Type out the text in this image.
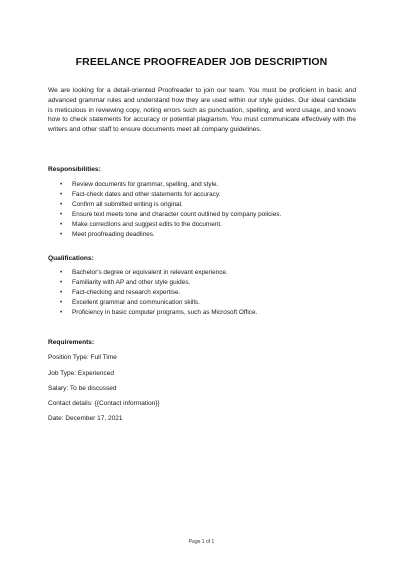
FREELANCE PROOFREADER JOB DESCRIPTION
We are looking for a detail-oriented Proofreader to join our team. You must be proficient in basic and advanced grammar rules and understand how they are used within our style guides. Our ideal candidate is meticulous in reviewing copy, noting errors such as punctuation, spelling, and word usage, and knows how to check statements for accuracy or potential plagiarism. You must communicate effectively with the writers and other staff to ensure documents meet all company guidelines.
Responsibilities:
• Review documents for grammar, spelling, and style.
• Fact-check dates and other statements for accuracy.
• Confirm all submitted writing is original.
• Ensure text meets tone and character count outlined by company policies.
• Make corrections and suggest edits to the document.
• Meet proofreading deadlines.
Qualifications:
• Bachelor's degree or equivalent in relevant experience.
• Familiarity with AP and other style guides.
• Fact-checking and research expertise.
• Excellent grammar and communication skills.
• Proficiency in basic computer programs, such as Microsoft Office.
Requirements:
Position Type: Full Time
Job Type: Experienced
Salary: To be discussed
Contact details: {{Contact information}}
Date: December 17, 2021
Page 1 of 1
